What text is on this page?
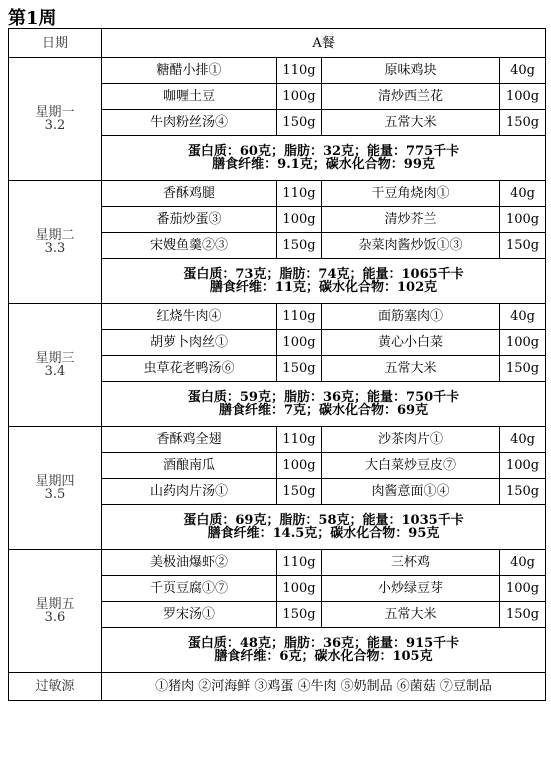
第1周
日期	A餐			

星期一
3.2	糖醋小排①	110g	原味鸡块	40g
	咖喱土豆	100g	清炒西兰花	100g
	牛肉粉丝汤④	150g	五常大米	150g

	蛋白质：60克；脂肪：32克；能量：775千卡
膳食纤维：9.1克；碳水化合物：99克			

星期二
3.3	香酥鸡腿	110g	干豆角烧肉①	40g
	番茄炒蛋③	100g	清炒芥兰	100g
	宋嫂鱼羹②③	150g	杂菜肉酱炒饭①③	150g

	蛋白质：73克；脂肪：74克；能量：1065千卡
膳食纤维：11克；碳水化合物：102克			

星期三
3.4	红烧牛肉④	110g	面筋塞肉①	40g
	胡萝卜肉丝①	100g	黄心小白菜	100g
	虫草花老鸭汤⑥	150g	五常大米	150g

	蛋白质：59克；脂肪：36克；能量：750千卡
膳食纤维：7克；碳水化合物：69克			

星期四
3.5	香酥鸡全翅	110g	沙茶肉片①	40g
	酒酿南瓜	100g	大白菜炒豆皮⑦	100g
	山药肉片汤①	150g	肉酱意面①④	150g

	蛋白质：69克；脂肪：58克；能量：1035千卡
膳食纤维：14.5克；碳水化合物：95克			

星期五
3.6	美极油爆虾②	110g	三杯鸡	40g
	千页豆腐①⑦	100g	小炒绿豆芽	100g
	罗宋汤①	150g	五常大米	150g

	蛋白质：48克；脂肪：36克；能量：915千卡
膳食纤维：6克；碳水化合物：105克			

过敏源	①猪肉 ②河海鲜 ③鸡蛋 ④牛肉 ⑤奶制品 ⑥菌菇 ⑦豆制品			
